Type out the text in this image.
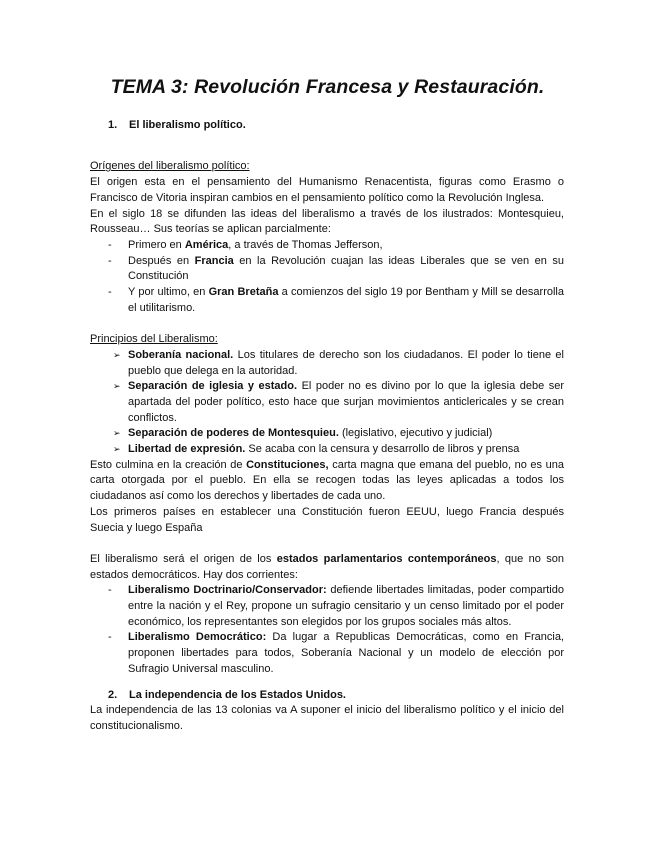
TEMA 3: Revolución Francesa y Restauración.
1.	El liberalismo político.

Orígenes del liberalismo político:

El origen esta en el pensamiento del Humanismo Renacentista, figuras como Erasmo o Francisco de Vitoria inspiran cambios en el pensamiento político como la Revolución Inglesa.

En el siglo 18 se difunden las ideas del liberalismo a través de los ilustrados: Montesquieu, Rousseau… Sus teorías se aplican parcialmente:

-	Primero en América, a través de Thomas Jefferson,
-	Después en Francia en la Revolución cuajan las ideas Liberales que se ven en su Constitución
-	Y por ultimo, en Gran Bretaña a comienzos del siglo 19 por Bentham y Mill se desarrolla el utilitarismo.

Principios del Liberalismo:

➢ Soberanía nacional. Los titulares de derecho son los ciudadanos. El poder lo tiene el pueblo que delega en la autoridad.
➢ Separación de iglesia y estado. El poder no es divino por lo que la iglesia debe ser apartada del poder político, esto hace que surjan movimientos anticlericales y se crean conflictos.
➢ Separación de poderes de Montesquieu. (legislativo, ejecutivo y judicial)
➢ Libertad de expresión. Se acaba con la censura y desarrollo de libros y prensa

Esto culmina en la creación de Constituciones, carta magna que emana del pueblo, no es una carta otorgada por el pueblo. En ella se recogen todas las leyes aplicadas a todos los ciudadanos así como los derechos y libertades de cada uno.

Los primeros países en establecer una Constitución fueron EEUU, luego Francia después Suecia y luego España

El liberalismo será el origen de los estados parlamentarios contemporáneos, que no son estados democráticos. Hay dos corrientes:

-	Liberalismo Doctrinario/Conservador: defiende libertades limitadas, poder compartido entre la nación y el Rey, propone un sufragio censitario y un censo limitado por el poder económico, los representantes son elegidos por los grupos sociales más altos.
-	Liberalismo Democrático: Da lugar a Republicas Democráticas, como en Francia, proponen libertades para todos, Soberanía Nacional y un modelo de elección por Sufragio Universal masculino.
2.	La independencia de los Estados Unidos.

La independencia de las 13 colonias va A suponer el inicio del liberalismo político y el inicio del constitucionalismo.
